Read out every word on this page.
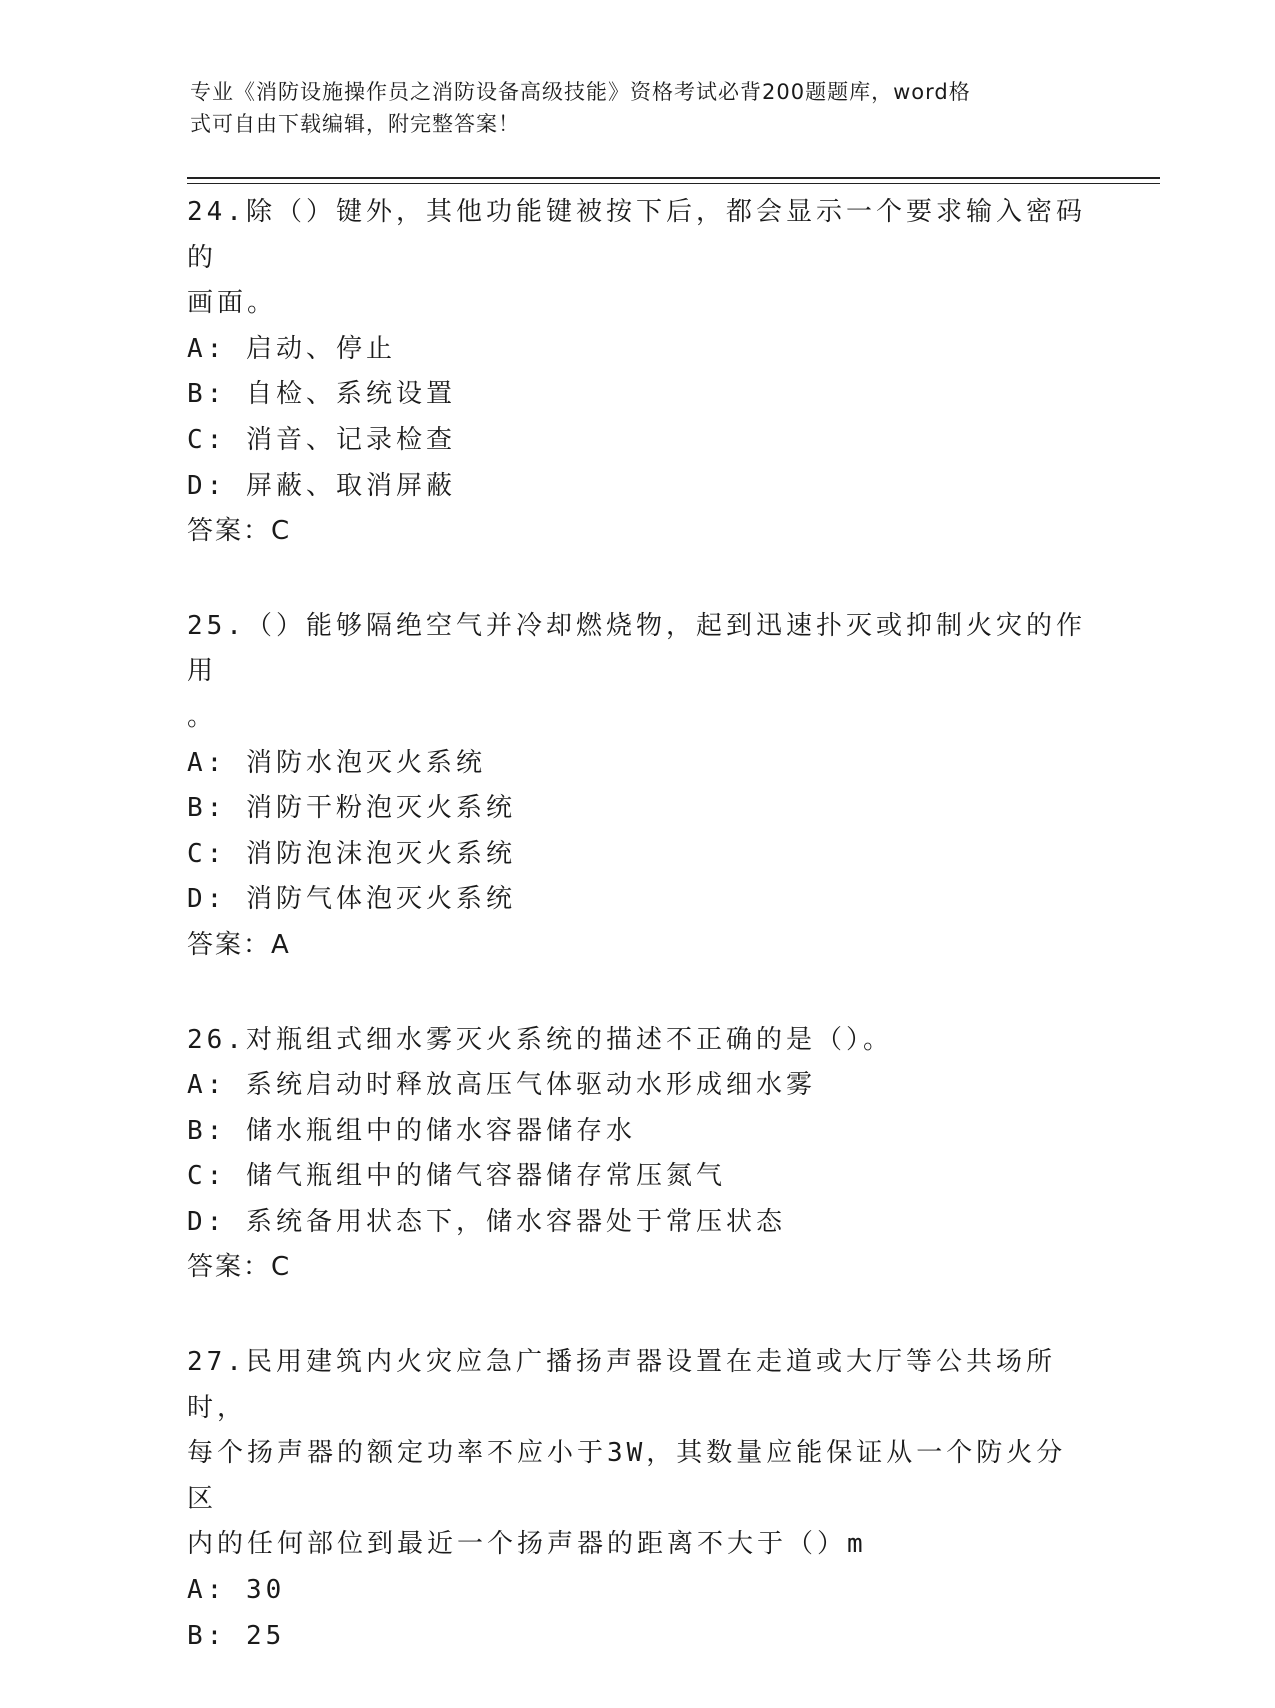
专业《消防设施操作员之消防设备高级技能》资格考试必背200题题库，word格
式可自由下载编辑，附完整答案！
24.除（）键外，其他功能键被按下后，都会显示一个要求输入密码的
画面。
A: 启动、停止
B: 自检、系统设置
C: 消音、记录检查
D: 屏蔽、取消屏蔽
答案：C
25.（）能够隔绝空气并冷却燃烧物，起到迅速扑灭或抑制火灾的作用
。
A: 消防水泡灭火系统
B: 消防干粉泡灭火系统
C: 消防泡沫泡灭火系统
D: 消防气体泡灭火系统
答案：A
26.对瓶组式细水雾灭火系统的描述不正确的是（）。
A: 系统启动时释放高压气体驱动水形成细水雾
B: 储水瓶组中的储水容器储存水
C: 储气瓶组中的储气容器储存常压氮气
D: 系统备用状态下，储水容器处于常压状态
答案：C
27.民用建筑内火灾应急广播扬声器设置在走道或大厅等公共场所时，
每个扬声器的额定功率不应小于3W，其数量应能保证从一个防火分区
内的任何部位到最近一个扬声器的距离不大于（）m
A: 30
B: 25
